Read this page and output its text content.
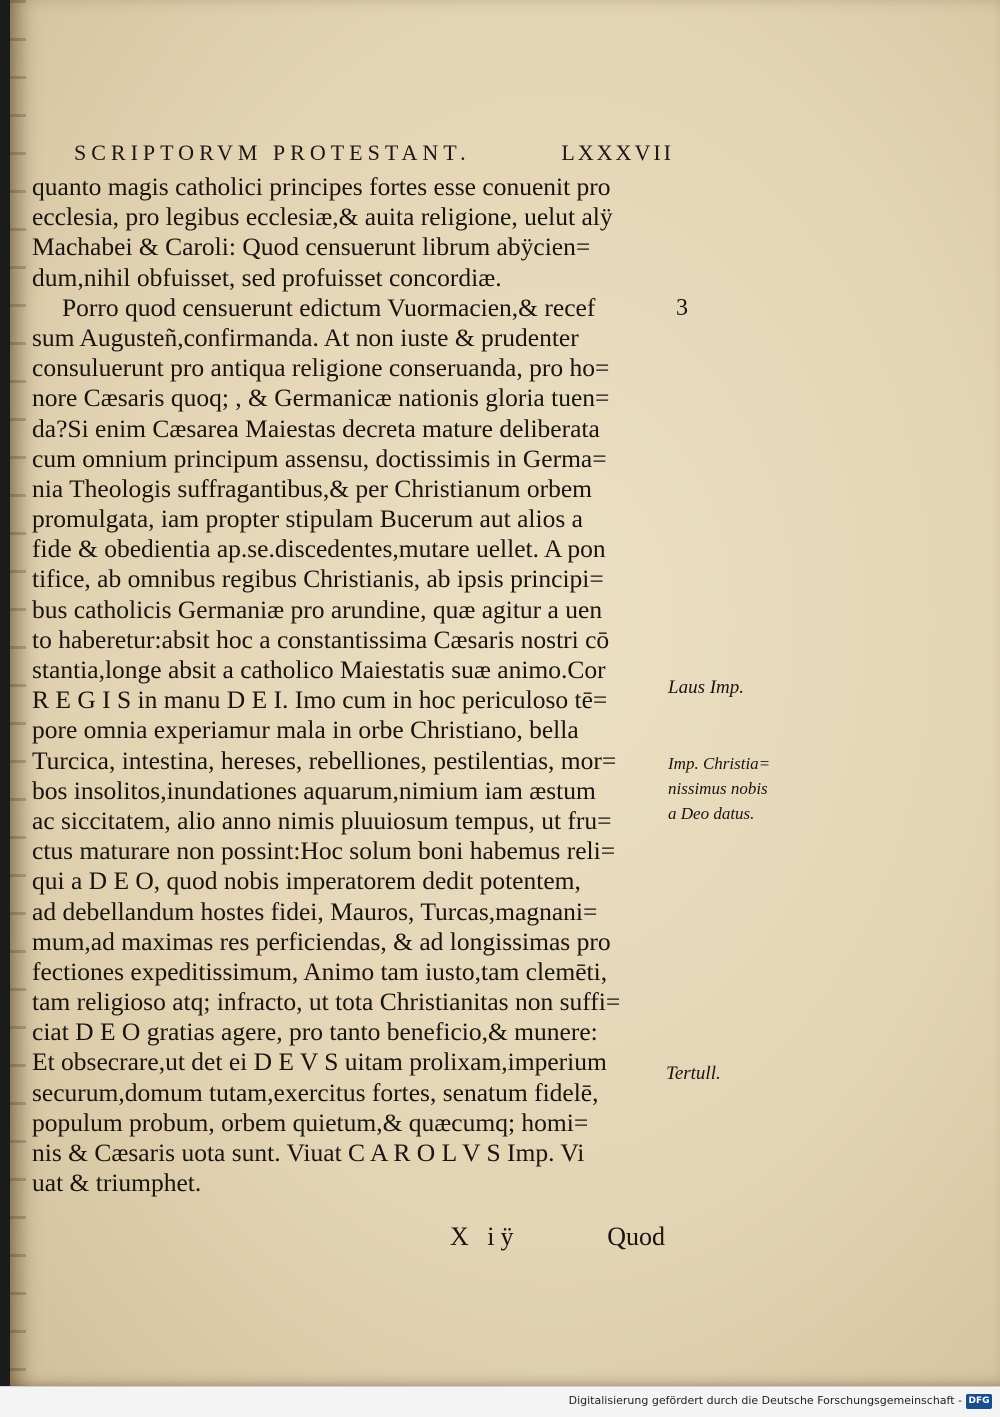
SCRIPTORVM PROTESTANT.	LXXXVII
quanto magis catholici principes fortes esse conuenit pro
ecclesia, pro legibus ecclesiæ,& auita religione, uelut alÿ
Machabei & Caroli: Quod censuerunt librum abÿcien=
dum,nihil obfuisset, sed profuisset concordiæ.
Porro quod censuerunt edictum Vuormacien,& recef
sum Augusteñ,confirmanda. At non iuste & prudenter
consuluerunt pro antiqua religione conseruanda, pro ho=
nore Cæsaris quoq; , & Germanicæ nationis gloria tuen=
da?Si enim Cæsarea Maiestas decreta mature deliberata
cum omnium principum assensu, doctissimis in Germa=
nia Theologis suffragantibus,& per Christianum orbem
promulgata, iam propter stipulam Bucerum aut alios a
fide & obedientia ap.se.discedentes,mutare uellet. A pon
tifice, ab omnibus regibus Christianis, ab ipsis principi=
bus catholicis Germaniæ pro arundine, quæ agitur a uen
to haberetur:absit hoc a constantissima Cæsaris nostri cō
stantia,longe absit a catholico Maiestatis suæ animo.Cor
R E G I S in manu D E I. Imo cum in hoc periculoso tē=
pore omnia experiamur mala in orbe Christiano, bella
Turcica, intestina, hereses, rebelliones, pestilentias, mor=
bos insolitos,inundationes aquarum,nimium iam æstum
ac siccitatem, alio anno nimis pluuiosum tempus, ut fru=
ctus maturare non possint:Hoc solum boni habemus reli=
qui a D E O, quod nobis imperatorem dedit potentem,
ad debellandum hostes fidei, Mauros, Turcas,magnani=
mum,ad maximas res perficiendas, & ad longissimas pro
fectiones expeditissimum, Animo tam iusto,tam clemēti,
tam religioso atq; infracto, ut tota Christianitas non suffi=
ciat D E O gratias agere, pro tanto beneficio,& munere:
Et obsecrare,ut det ei D E V S uitam prolixam,imperium
securum,domum tutam,exercitus fortes, senatum fidelē,
populum probum, orbem quietum,& quæcumq; homi=
nis & Cæsaris uota sunt. Viuat C A R O L V S Imp. Vi
uat & triumphet.
3
Laus Imp.
Imp. Christia=
nissimus nobis
a Deo datus.
Tertull.
X iÿ	Quod
Digitalisierung gefördert durch die Deutsche Forschungsgemeinschaft - DFG
